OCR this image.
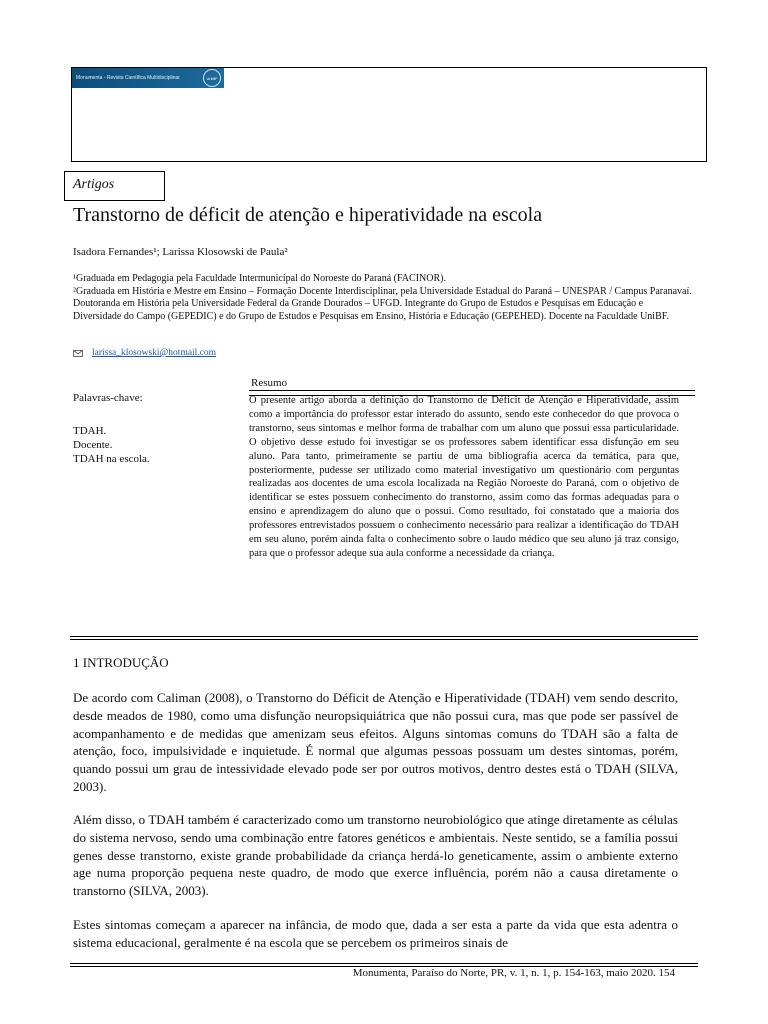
Monumenta - Revista Científica Multidisciplinar	UniBF
Artigos
Transtorno de déficit de atenção e hiperatividade na escola
Isadora Fernandes¹; Larissa Klosowski de Paula²

¹Graduada em Pedagogia pela Faculdade Intermunicipal do Noroeste do Paraná (FACINOR).

²Graduada em História e Mestre em Ensino – Formação Docente Interdisciplinar, pela Universidade Estadual do Paraná – UNESPAR / Campus Paranavaí. Doutoranda em História pela Universidade Federal da Grande Dourados – UFGD. Integrante do Grupo de Estudos e Pesquisas em Educação e Diversidade do Campo (GEPEDIC) e do Grupo de Estudos e Pesquisas em Ensino, História e Educação (GEPEHED). Docente na Faculdade UniBF.

larissa_klosowski@hotmail.com
Palavras-chave:
TDAH.
Docente.
TDAH na escola.
Resumo
O presente artigo aborda a definição do Transtorno de Déficit de Atenção e Hiperatividade, assim como a importância do professor estar interado do assunto, sendo este conhecedor do que provoca o transtorno, seus sintomas e melhor forma de trabalhar com um aluno que possui essa particularidade. O objetivo desse estudo foi investigar se os professores sabem identificar essa disfunção em seu aluno. Para tanto, primeiramente se partiu de uma bibliografia acerca da temática, para que, posteriormente, pudesse ser utilizado como material investigativo um questionário com perguntas realizadas aos docentes de uma escola localizada na Região Noroeste do Paraná, com o objetivo de identificar se estes possuem conhecimento do transtorno, assim como das formas adequadas para o ensino e aprendizagem do aluno que o possui. Como resultado, foi constatado que a maioria dos professores entrevistados possuem o conhecimento necessário para realizar a identificação do TDAH em seu aluno, porém ainda falta o conhecimento sobre o laudo médico que seu aluno já traz consigo, para que o professor adeque sua aula conforme a necessidade da criança.
1 INTRODUÇÃO

De acordo com Caliman (2008), o Transtorno do Déficit de Atenção e Hiperatividade (TDAH) vem sendo descrito, desde meados de 1980, como uma disfunção neuropsiquiátrica que não possui cura, mas que pode ser passível de acompanhamento e de medidas que amenizam seus efeitos. Alguns sintomas comuns do TDAH são a falta de atenção, foco, impulsividade e inquietude. É normal que algumas pessoas possuam um destes sintomas, porém, quando possui um grau de intessividade elevado pode ser por outros motivos, dentro destes está o TDAH (SILVA, 2003).

Além disso, o TDAH também é caracterizado como um transtorno neurobiológico que atinge diretamente as células do sistema nervoso, sendo uma combinação entre fatores genéticos e ambientais. Neste sentido, se a família possui genes desse transtorno, existe grande probabilidade da criança herdá-lo geneticamente, assim o ambiente externo age numa proporção pequena neste quadro, de modo que exerce influência, porém não a causa diretamente o transtorno (SILVA, 2003).

Estes sintomas começam a aparecer na infância, de modo que, dada a ser esta a parte da vida que esta adentra o sistema educacional, geralmente é na escola que se percebem os primeiros sinais de

Monumenta, Paraíso do Norte, PR, v. 1, n. 1, p. 154-163, maio 2020. 154
